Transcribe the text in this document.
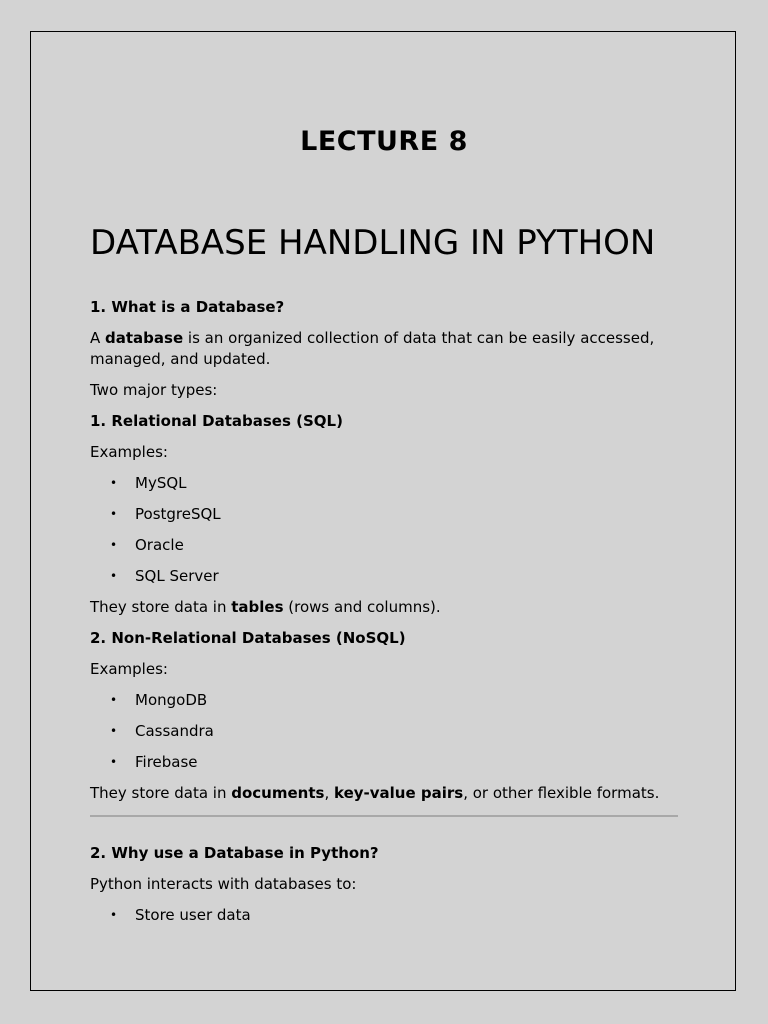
LECTURE 8
DATABASE HANDLING IN PYTHON

1. What is a Database?

A database is an organized collection of data that can be easily accessed, managed, and updated.

Two major types:

1. Relational Databases (SQL)

Examples:

• MySQL
• PostgreSQL
• Oracle
• SQL Server

They store data in tables (rows and columns).

2. Non-Relational Databases (NoSQL)

Examples:

• MongoDB
• Cassandra
• Firebase

They store data in documents, key-value pairs, or other flexible formats.

2. Why use a Database in Python?

Python interacts with databases to:

• Store user data
